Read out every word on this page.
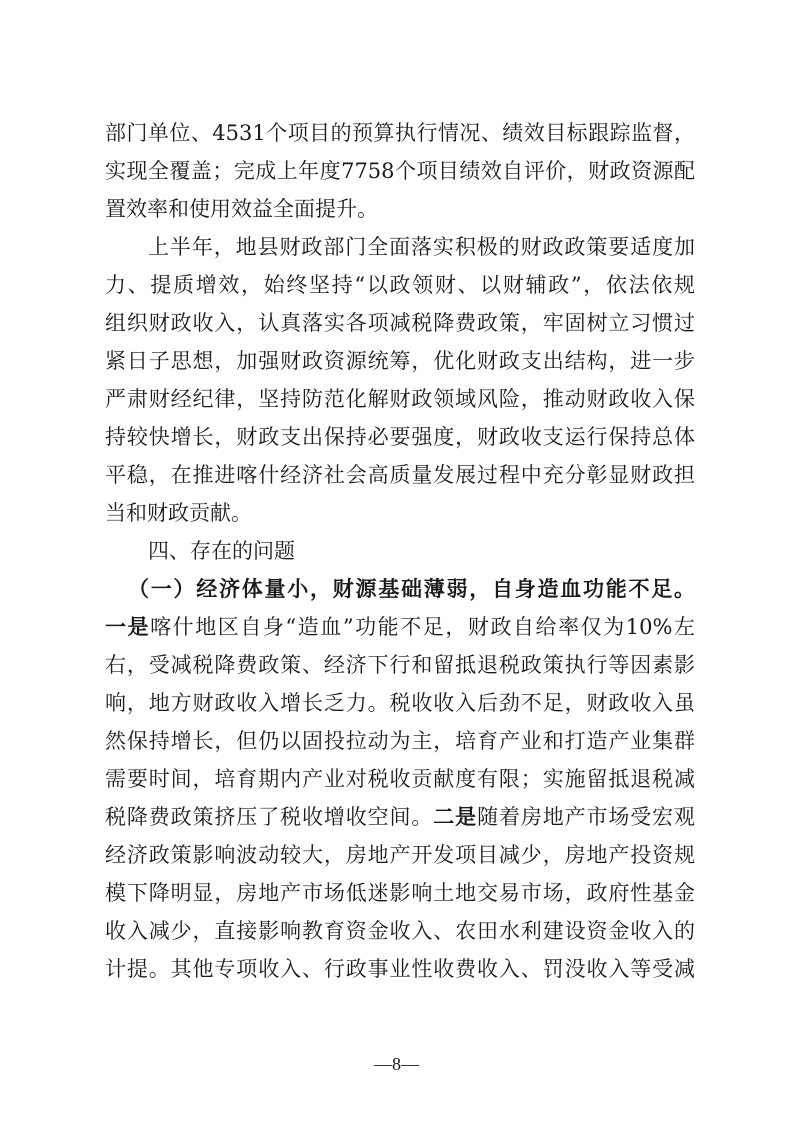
部门单位、4531个项目的预算执行情况、绩效目标跟踪监督，
实现全覆盖；完成上年度7758个项目绩效自评价，财政资源配
置效率和使用效益全面提升。
上半年，地县财政部门全面落实积极的财政政策要适度加
力、提质增效，始终坚持“以政领财、以财辅政”，依法依规
组织财政收入，认真落实各项减税降费政策，牢固树立习惯过
紧日子思想，加强财政资源统筹，优化财政支出结构，进一步
严肃财经纪律，坚持防范化解财政领域风险，推动财政收入保
持较快增长，财政支出保持必要强度，财政收支运行保持总体
平稳，在推进喀什经济社会高质量发展过程中充分彰显财政担
当和财政贡献。
四、存在的问题
（一）经济体量小，财源基础薄弱，自身造血功能不足。
一是喀什地区自身“造血”功能不足，财政自给率仅为10%左
右，受减税降费政策、经济下行和留抵退税政策执行等因素影
响，地方财政收入增长乏力。税收收入后劲不足，财政收入虽
然保持增长，但仍以固投拉动为主，培育产业和打造产业集群
需要时间，培育期内产业对税收贡献度有限；实施留抵退税减
税降费政策挤压了税收增收空间。二是随着房地产市场受宏观
经济政策影响波动较大，房地产开发项目减少，房地产投资规
模下降明显，房地产市场低迷影响土地交易市场，政府性基金
收入减少，直接影响教育资金收入、农田水利建设资金收入的
计提。其他专项收入、行政事业性收费收入、罚没收入等受减
—8—
